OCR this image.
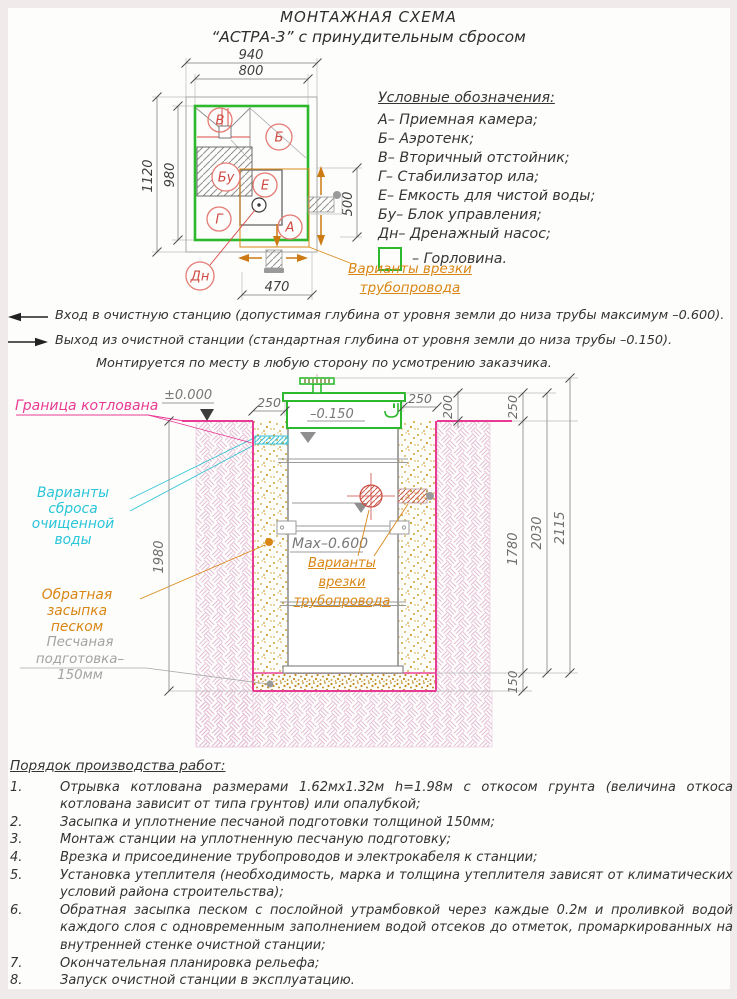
940
800
1120 980
500
470
В
Б
Бу
Е
Г
А
Дн
±0.000
–0.150
Max–0.600
250	250 200	250
1780
150
2030 2115
1980
МОНТАЖНАЯ СХЕМА
“АСТРА-3” с принудительным сбросом
Условные обозначения:
А– Приемная камера;
Б– Аэротенк;
В– Вторичный отстойник;
Г– Стабилизатор ила;
Е– Емкость для чистой воды;
Бу– Блок управления;
Дн– Дренажный насос;
– Горловина.
Варианты врезки
трубопровода
Вход в очистную станцию (допустимая глубина от уровня земли до низа трубы максимум –0.600).
Выход из очистной станции (стандартная глубина от уровня земли до низа трубы –0.150).
Монтируется по месту в любую сторону по усмотрению заказчика.
Граница котлована
Варианты сброса
очищенной воды
Обратная засыпка
песком
Песчаная
подготовка–150мм
Варианты врезки
трубопровода
Порядок производства работ:
1.	Отрывка котлована размерами 1.62мх1.32м h=1.98м с откосом грунта (величина откоса котлована зависит от типа грунтов) или опалубкой;
2.	Засыпка и уплотнение песчаной подготовки толщиной 150мм;
3.	Монтаж станции на уплотненную песчаную подготовку;
4.	Врезка и присоединение трубопроводов и электрокабеля к станции;
5.	Установка утеплителя (необходимость, марка и толщина утеплителя зависят от климатических условий района строительства);
6.	Обратная засыпка песком с послойной утрамбовкой через каждые 0.2м и проливкой водой каждого слоя с одновременным заполнением водой отсеков до отметок, промаркированных на внутренней стенке очистной станции;
7.	Окончательная планировка рельефа;
8.	Запуск очистной станции в эксплуатацию.
